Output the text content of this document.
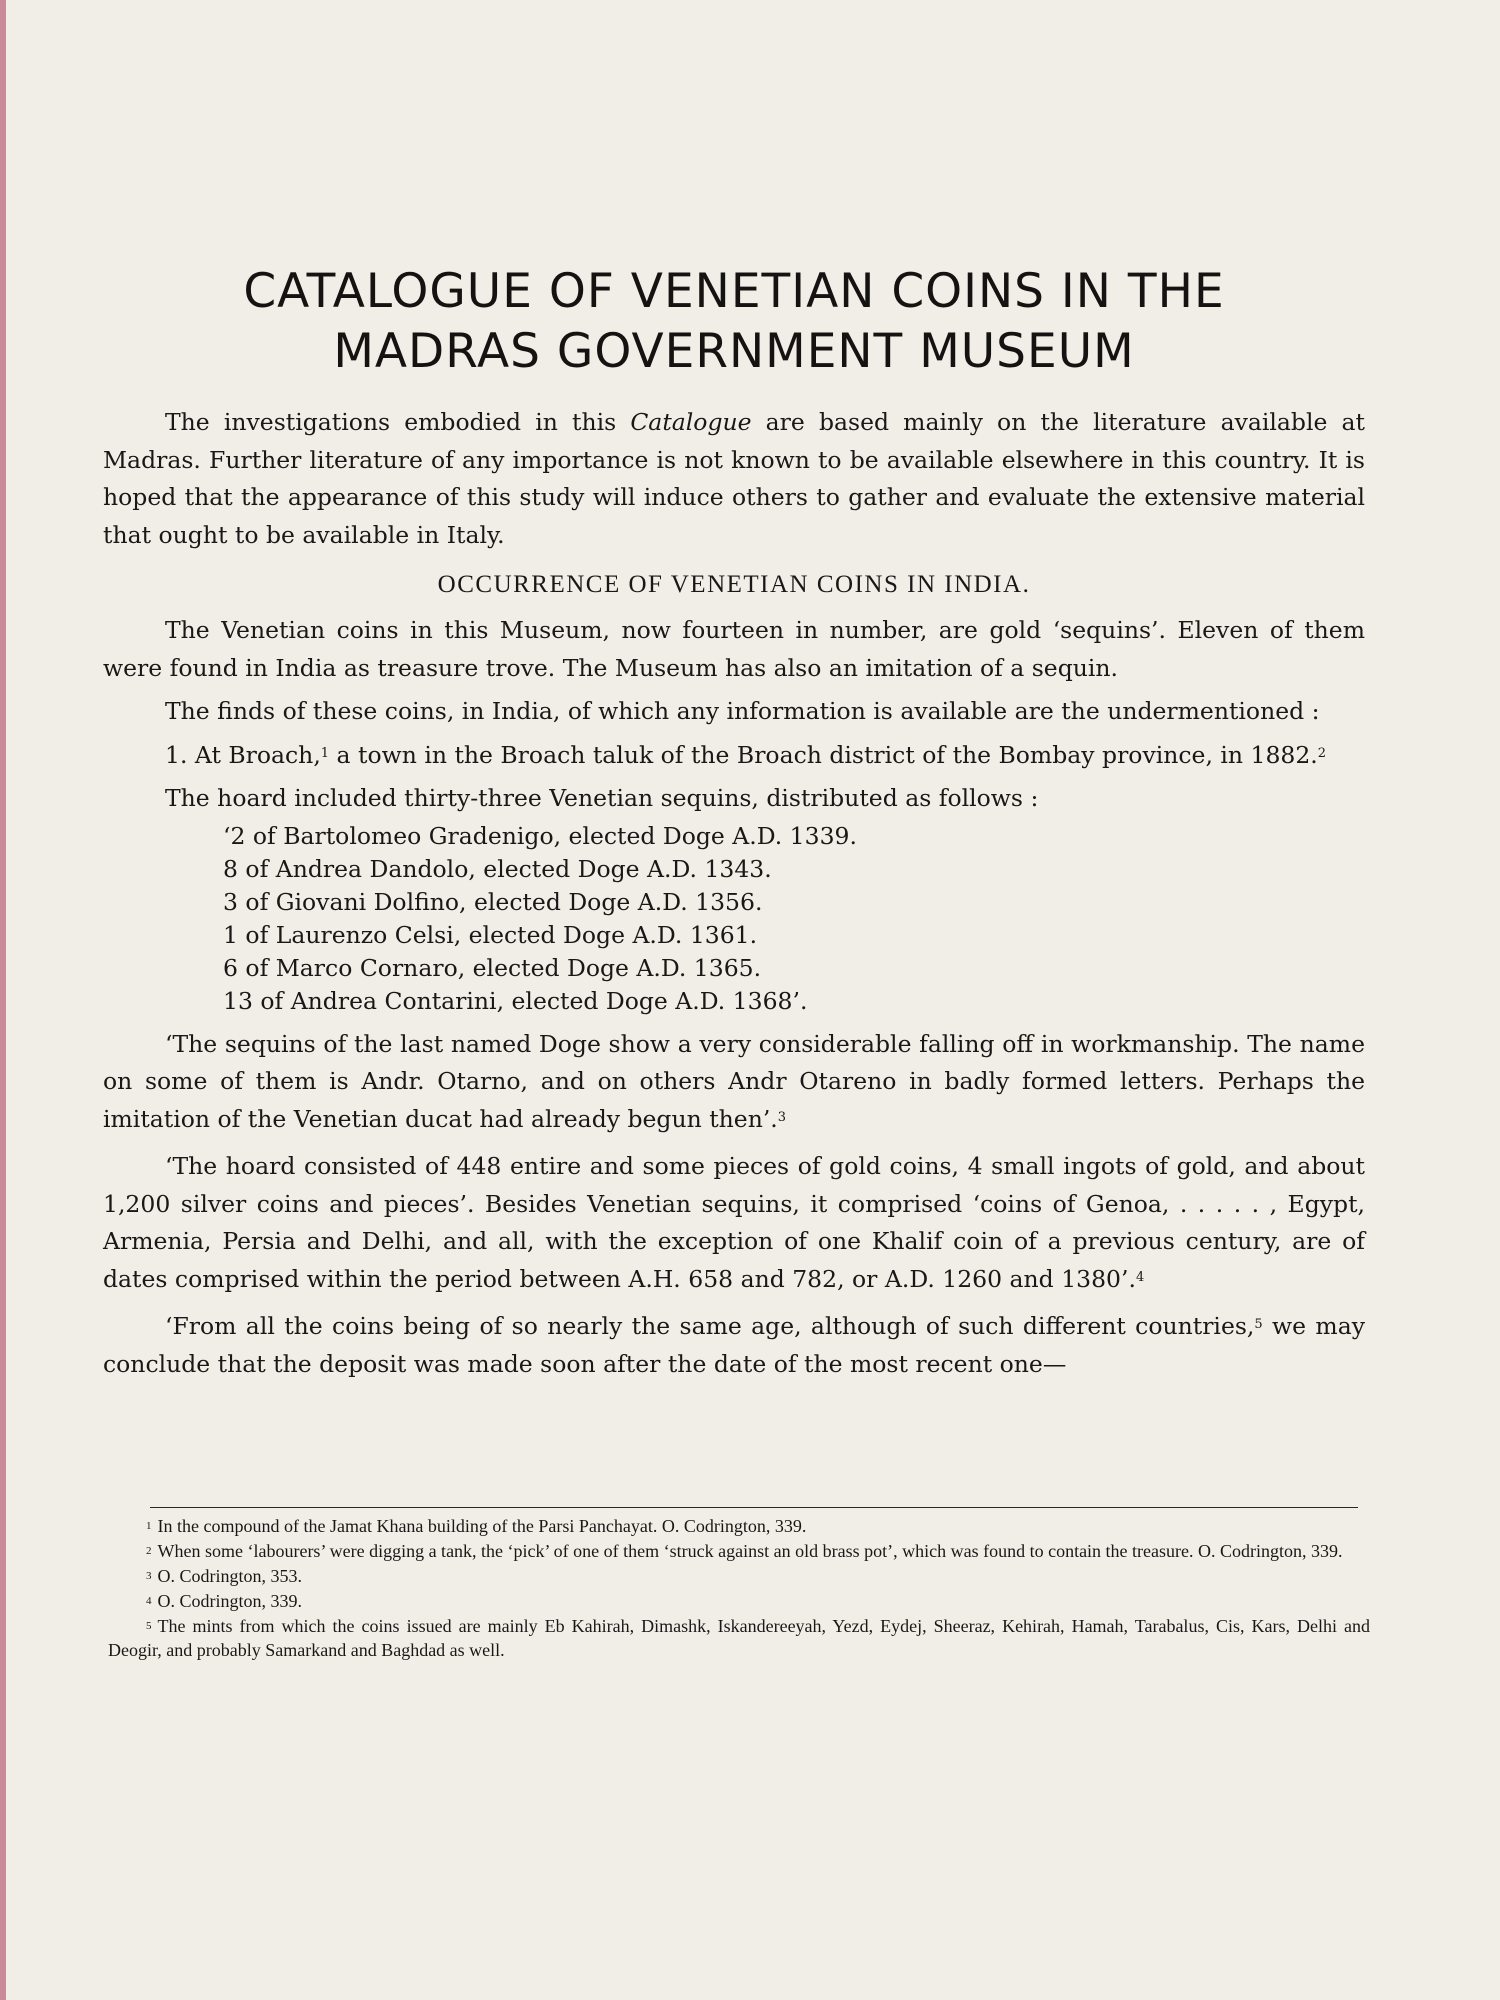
CATALOGUE OF VENETIAN COINS IN THE
MADRAS GOVERNMENT MUSEUM

The investigations embodied in this Catalogue are based mainly on the literature available at Madras. Further literature of any importance is not known to be available elsewhere in this country. It is hoped that the appearance of this study will induce others to gather and evaluate the extensive material that ought to be available in Italy.

OCCURRENCE OF VENETIAN COINS IN INDIA.

The Venetian coins in this Museum, now fourteen in number, are gold ‘sequins’. Eleven of them were found in India as treasure trove. The Museum has also an imitation of a sequin.

The finds of these coins, in India, of which any information is available are the undermentioned :

1. At Broach,$^1$ a town in the Broach taluk of the Broach district of the Bombay province, in 1882.$^2$

The hoard included thirty-three Venetian sequins, distributed as follows :

‘2 of Bartolomeo Gradenigo, elected Doge A.D. 1339.
8 of Andrea Dandolo, elected Doge A.D. 1343.
3 of Giovani Dolfino, elected Doge A.D. 1356.
1 of Laurenzo Celsi, elected Doge A.D. 1361.
6 of Marco Cornaro, elected Doge A.D. 1365.
13 of Andrea Contarini, elected Doge A.D. 1368’.

‘The sequins of the last named Doge show a very considerable falling off in workmanship. The name on some of them is Andr. Otarno, and on others Andr Otareno in badly formed letters. Perhaps the imitation of the Venetian ducat had already begun then’.$^3$

‘The hoard consisted of 448 entire and some pieces of gold coins, 4 small ingots of gold, and about 1,200 silver coins and pieces’. Besides Venetian sequins, it comprised ‘coins of Genoa, . . . . . , Egypt, Armenia, Persia and Delhi, and all, with the exception of one Khalif coin of a previous century, are of dates comprised within the period between A.H. 658 and 782, or A.D. 1260 and 1380’.$^4$

‘From all the coins being of so nearly the same age, although of such different countries,$^5$ we may conclude that the deposit was made soon after the date of the most recent one—

$^1$ In the compound of the Jamat Khana building of the Parsi Panchayat. O. Codrington, 339.

$^2$ When some ‘labourers’ were digging a tank, the ‘pick’ of one of them ‘struck against an old brass pot’, which was found to contain the treasure. O. Codrington, 339.

$^3$ O. Codrington, 353.

$^4$ O. Codrington, 339.

$^5$ The mints from which the coins issued are mainly Eb Kahirah, Dimashk, Iskandereeyah, Yezd, Eydej, Sheeraz, Kehirah, Hamah, Tarabalus, Cis, Kars, Delhi and Deogir, and probably Samarkand and Baghdad as well.
